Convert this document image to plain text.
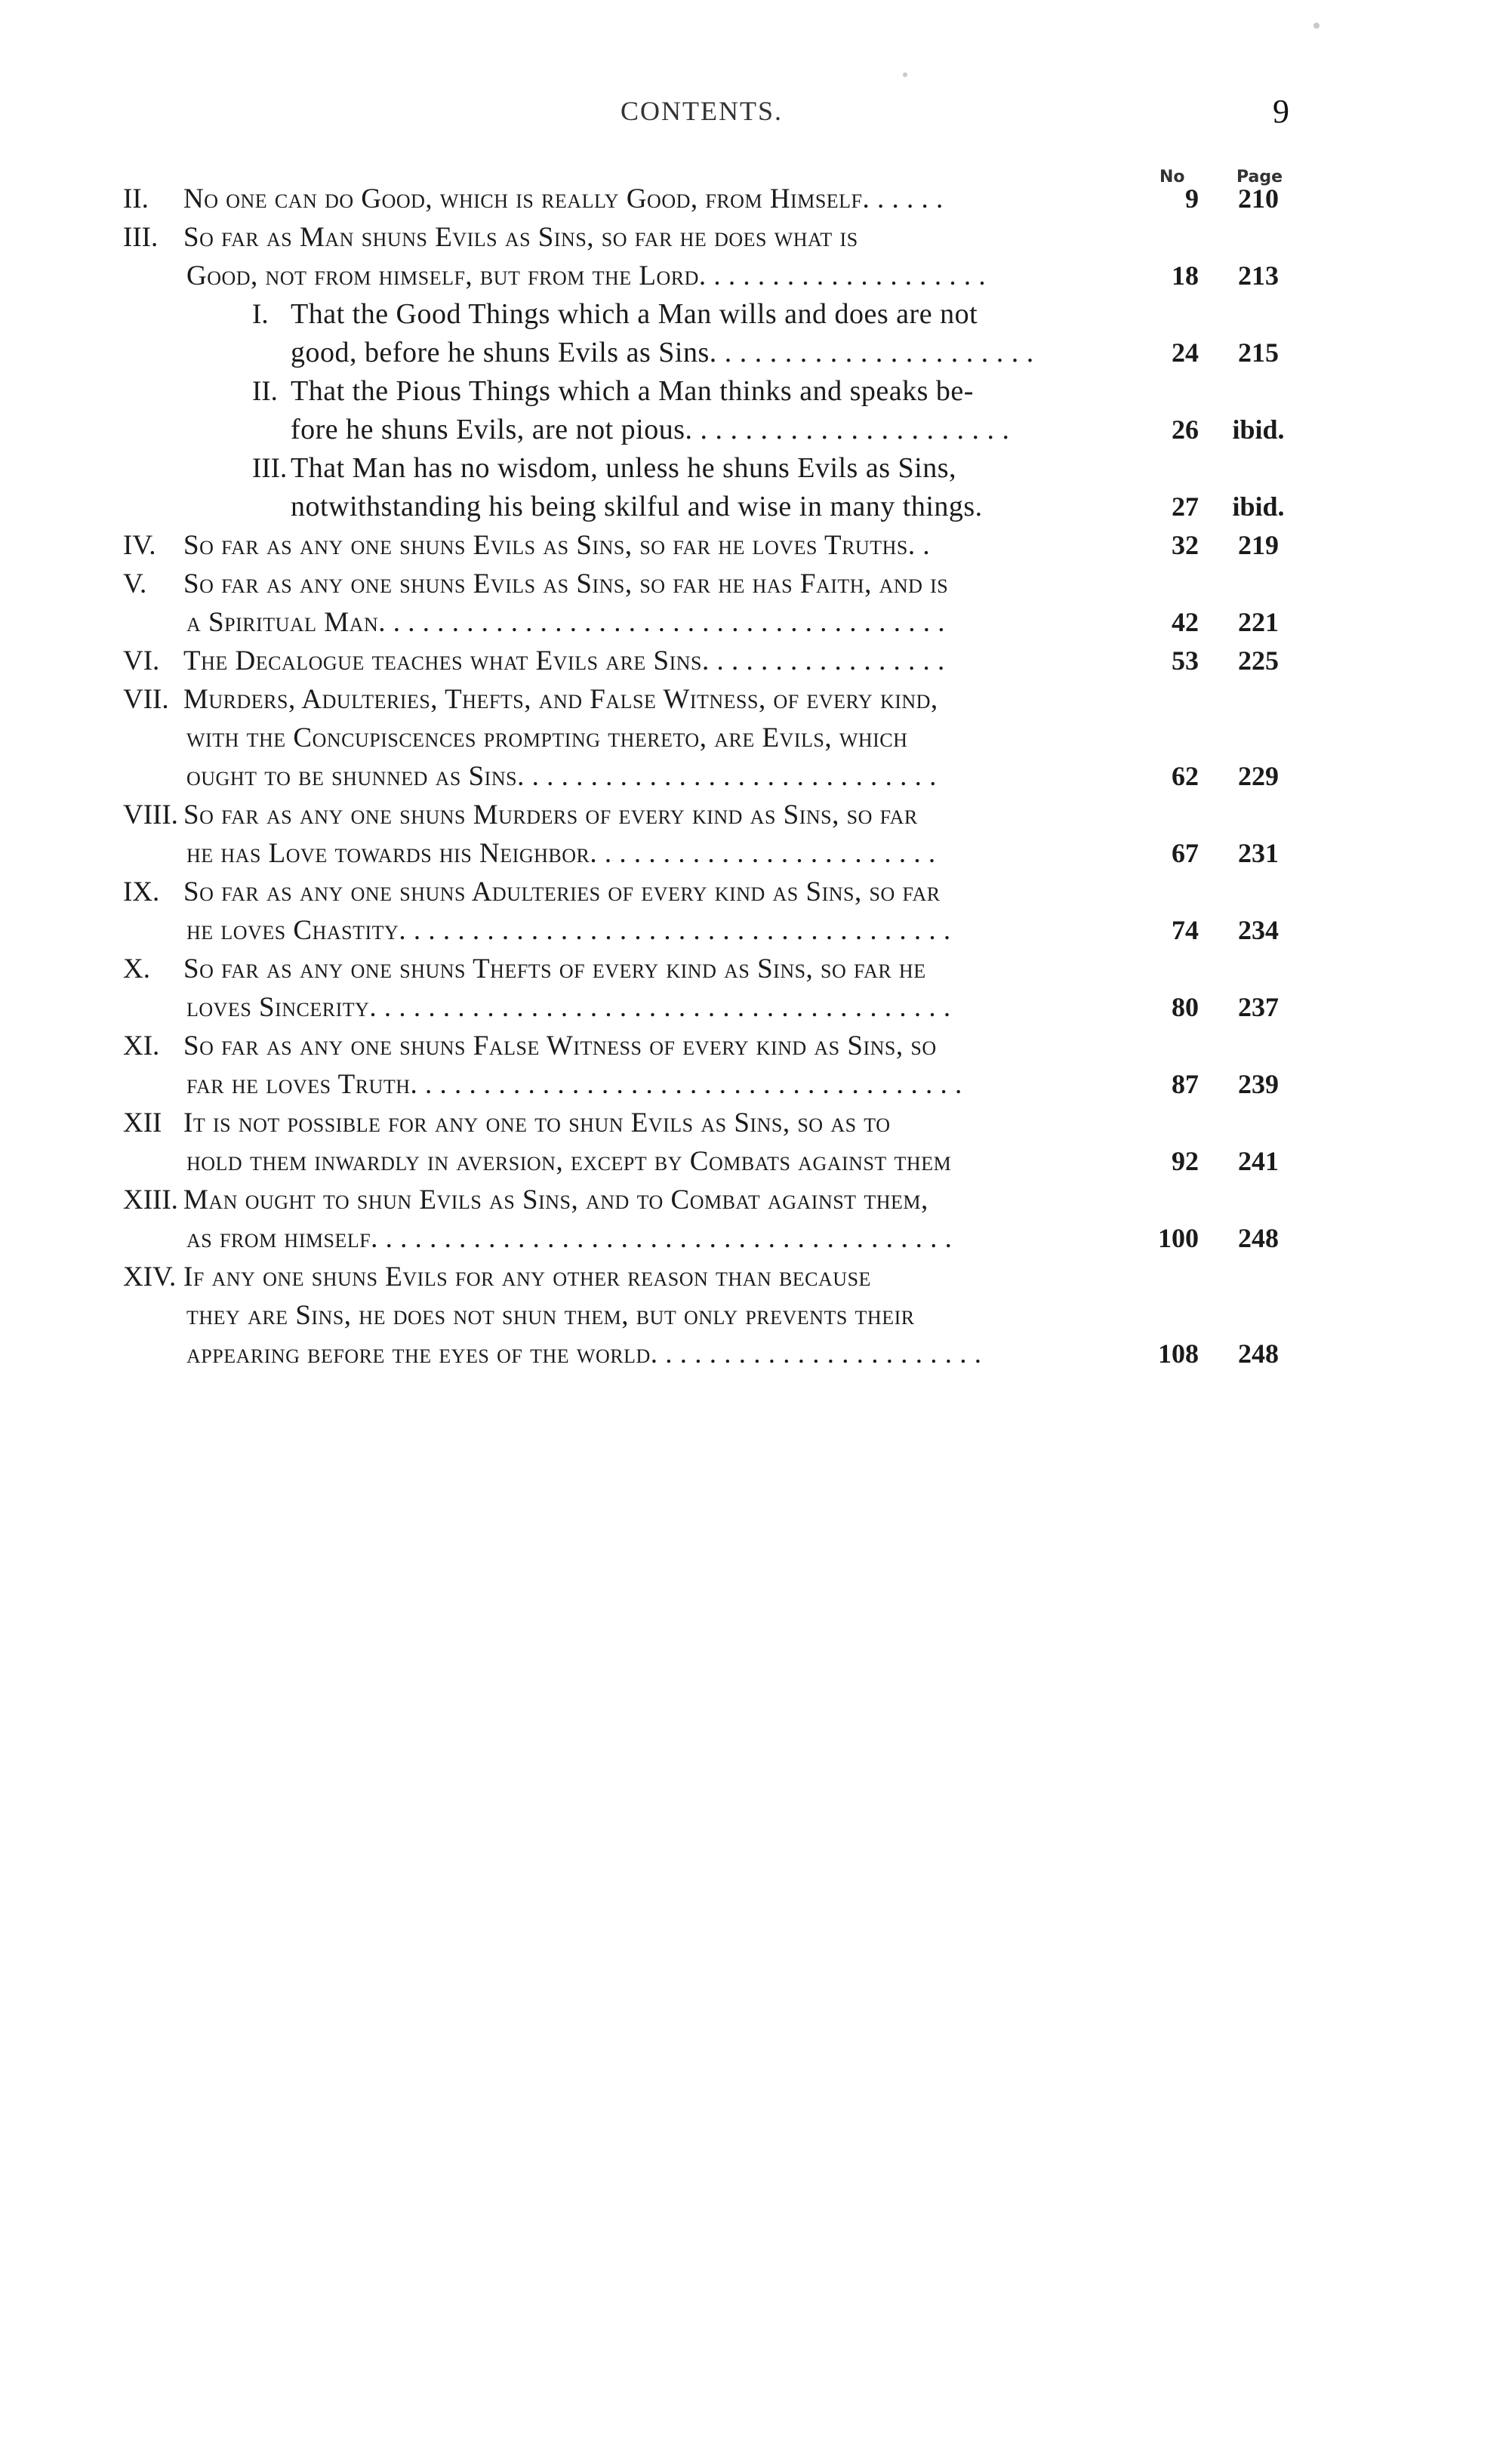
CONTENTS.	9
No	Page
II. No one can do Good, which is really Good, from Himself. . . . . .	9	210
III. So far as Man shuns Evils as Sins, so far he does what is
Good, not from himself, but from the Lord. . . . . . . . . . . . . . . . . . . .	18	213
I. That the Good Things which a Man wills and does are not
good, before he shuns Evils as Sins. . . . . . . . . . . . . . . . . . . . . .	24	215
II. That the Pious Things which a Man thinks and speaks be-
fore he shuns Evils, are not pious. . . . . . . . . . . . . . . . . . . . . .	26	ibid.
III. That Man has no wisdom, unless he shuns Evils as Sins,
notwithstanding his being skilful and wise in many things.	27	ibid.
IV. So far as any one shuns Evils as Sins, so far he loves Truths. .	32	219
V. So far as any one shuns Evils as Sins, so far he has Faith, and is
a Spiritual Man. . . . . . . . . . . . . . . . . . . . . . . . . . . . . . . . . . . . . . .	42	221
VI. The Decalogue teaches what Evils are Sins. . . . . . . . . . . . . . . . .	53	225
VII. Murders, Adulteries, Thefts, and False Witness, of every kind,
with the Concupiscences prompting thereto, are Evils, which
ought to be shunned as Sins. . . . . . . . . . . . . . . . . . . . . . . . . . . . .	62	229
VIII. So far as any one shuns Murders of every kind as Sins, so far
he has Love towards his Neighbor. . . . . . . . . . . . . . . . . . . . . . . .	67	231
IX. So far as any one shuns Adulteries of every kind as Sins, so far
he loves Chastity. . . . . . . . . . . . . . . . . . . . . . . . . . . . . . . . . . . . . .	74	234
X. So far as any one shuns Thefts of every kind as Sins, so far he
loves Sincerity. . . . . . . . . . . . . . . . . . . . . . . . . . . . . . . . . . . . . . . .	80	237
XI. So far as any one shuns False Witness of every kind as Sins, so
far he loves Truth. . . . . . . . . . . . . . . . . . . . . . . . . . . . . . . . . . . . . .	87	239
XII It is not possible for any one to shun Evils as Sins, so as to
hold them inwardly in aversion, except by Combats against them	92	241
XIII. Man ought to shun Evils as Sins, and to Combat against them,
as from himself. . . . . . . . . . . . . . . . . . . . . . . . . . . . . . . . . . . . . . . .	100	248
XIV. If any one shuns Evils for any other reason than because
they are Sins, he does not shun them, but only prevents their
appearing before the eyes of the world. . . . . . . . . . . . . . . . . . . . . . .	108	248
